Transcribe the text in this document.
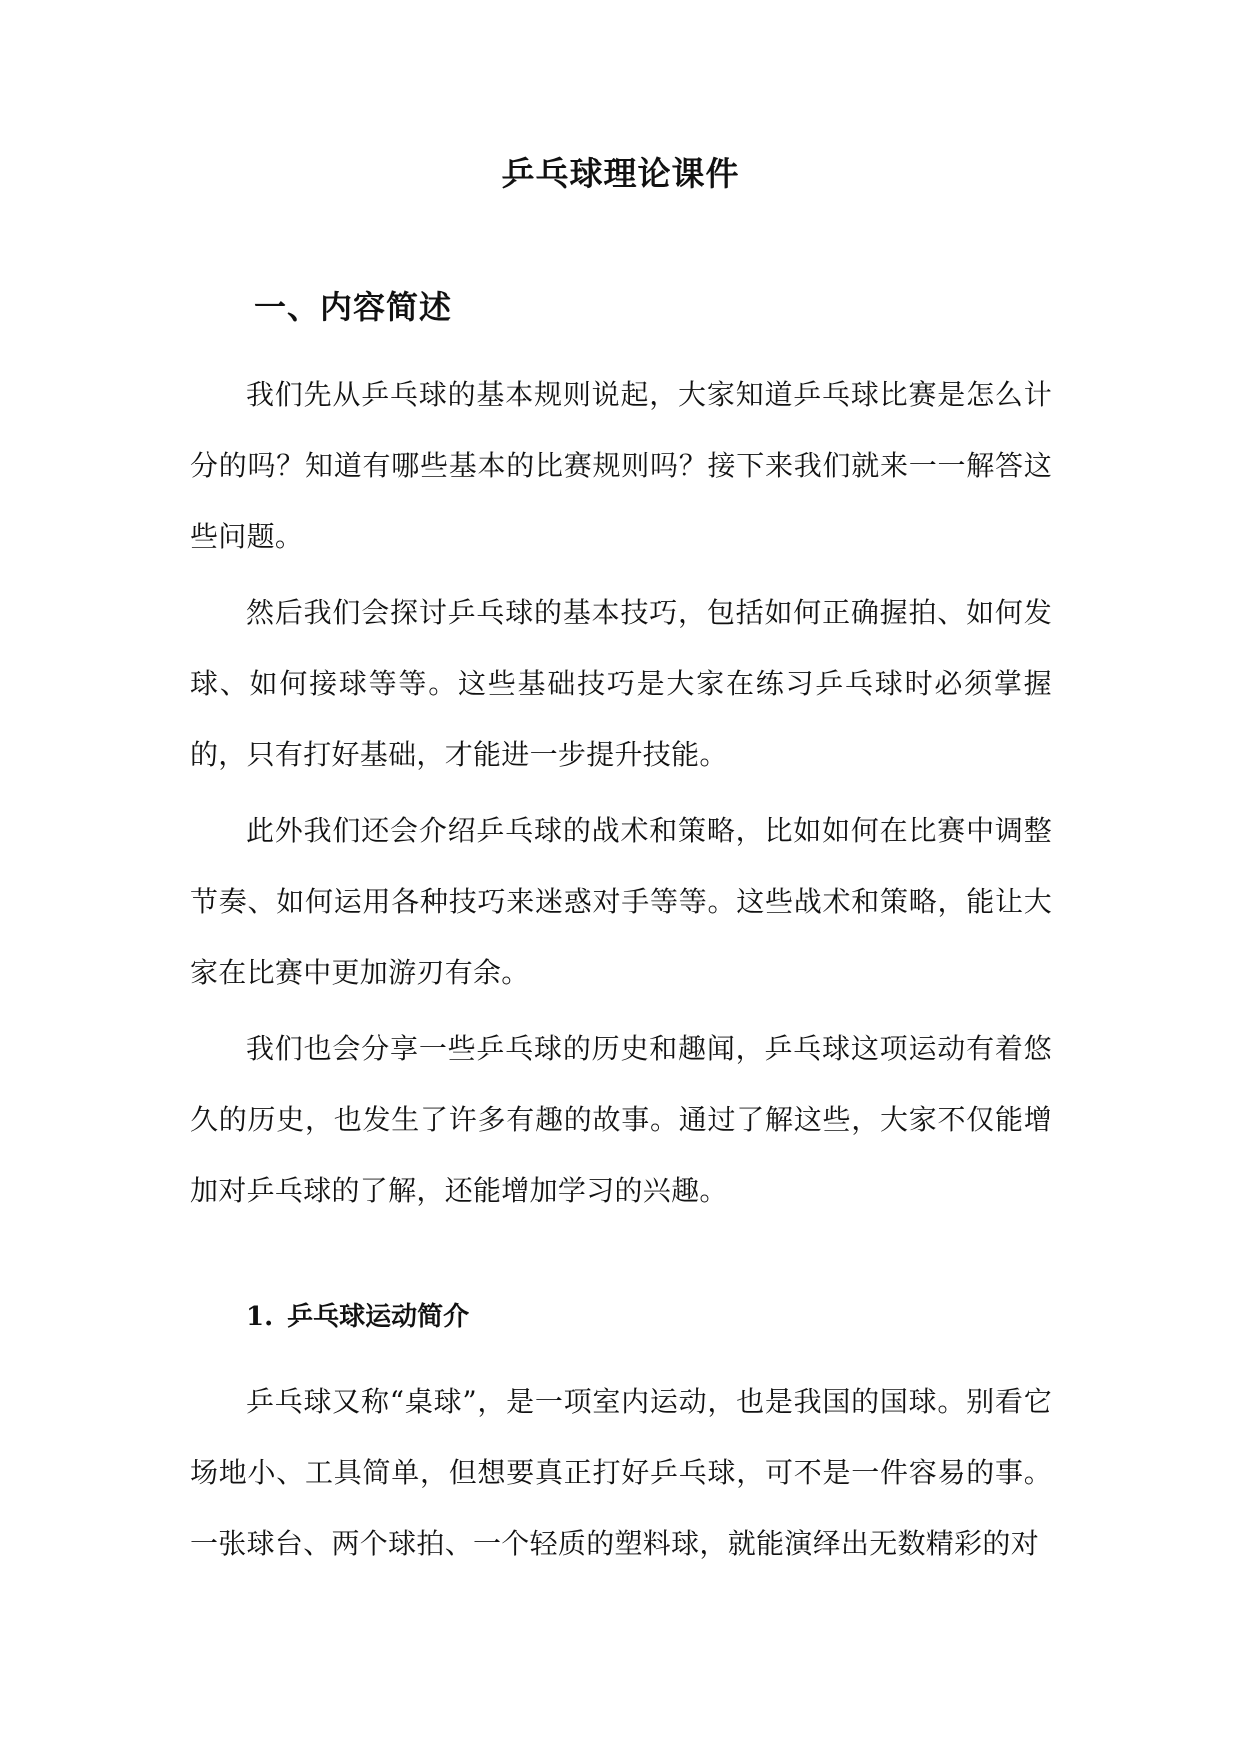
乒乓球理论课件
一、内容简述

我们先从乒乓球的基本规则说起，大家知道乒乓球比赛是怎么计分的吗？知道有哪些基本的比赛规则吗？接下来我们就来一一解答这些问题。

然后我们会探讨乒乓球的基本技巧，包括如何正确握拍、如何发球、如何接球等等。这些基础技巧是大家在练习乒乓球时必须掌握的，只有打好基础，才能进一步提升技能。

此外我们还会介绍乒乓球的战术和策略，比如如何在比赛中调整节奏、如何运用各种技巧来迷惑对手等等。这些战术和策略，能让大家在比赛中更加游刃有余。

我们也会分享一些乒乓球的历史和趣闻，乒乓球这项运动有着悠久的历史，也发生了许多有趣的故事。通过了解这些，大家不仅能增加对乒乓球的了解，还能增加学习的兴趣。

1. 乒乓球运动简介

乒乓球又称“桌球”，是一项室内运动，也是我国的国球。别看它场地小、工具简单，但想要真正打好乒乓球，可不是一件容易的事。一张球台、两个球拍、一个轻质的塑料球，就能演绎出无数精彩的对
